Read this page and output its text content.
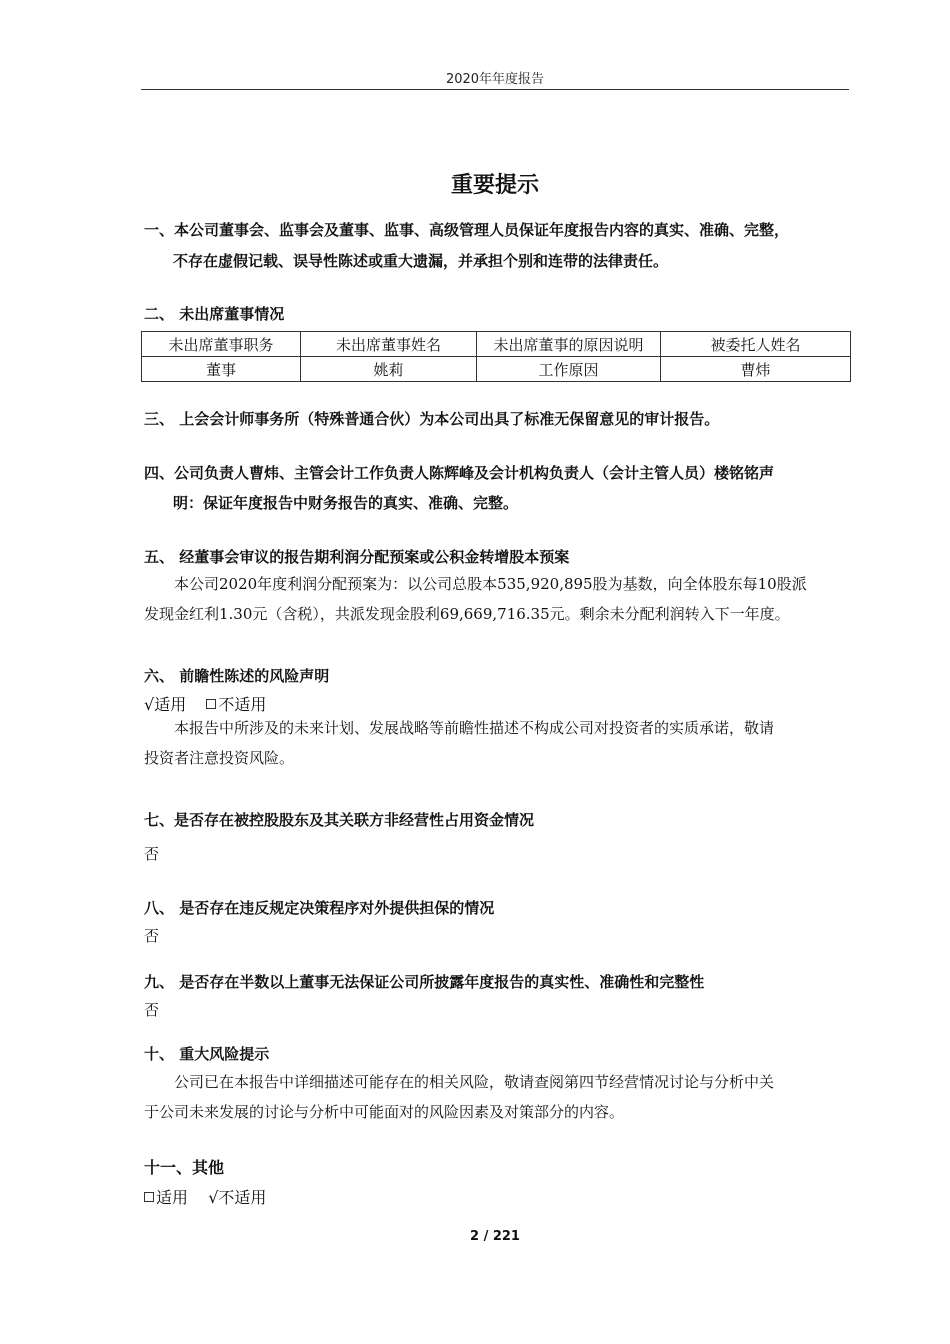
2020年年度报告
重要提示
一、本公司董事会、监事会及董事、监事、高级管理人员保证年度报告内容的真实、准确、完整，
不存在虚假记载、误导性陈述或重大遗漏，并承担个别和连带的法律责任。
二、 未出席董事情况
未出席董事职务	未出席董事姓名	未出席董事的原因说明	被委托人姓名
董事	姚莉	工作原因	曹炜
三、 上会会计师事务所（特殊普通合伙）为本公司出具了标准无保留意见的审计报告。
四、公司负责人曹炜、主管会计工作负责人陈辉峰及会计机构负责人（会计主管人员）楼铭铭声
明：保证年度报告中财务报告的真实、准确、完整。
五、 经董事会审议的报告期利润分配预案或公积金转增股本预案
本公司2020年度利润分配预案为：以公司总股本535,920,895股为基数，向全体股东每10股派
发现金红利1.30元（含税），共派发现金股利69,669,716.35元。剩余未分配利润转入下一年度。
六、 前瞻性陈述的风险声明
√适用 不适用
本报告中所涉及的未来计划、发展战略等前瞻性描述不构成公司对投资者的实质承诺，敬请
投资者注意投资风险。
七、是否存在被控股股东及其关联方非经营性占用资金情况
否
八、 是否存在违反规定决策程序对外提供担保的情况
否
九、 是否存在半数以上董事无法保证公司所披露年度报告的真实性、准确性和完整性
否
十、 重大风险提示
公司已在本报告中详细描述可能存在的相关风险，敬请查阅第四节经营情况讨论与分析中关
于公司未来发展的讨论与分析中可能面对的风险因素及对策部分的内容。
十一、其他
适用 √不适用
2 / 221
